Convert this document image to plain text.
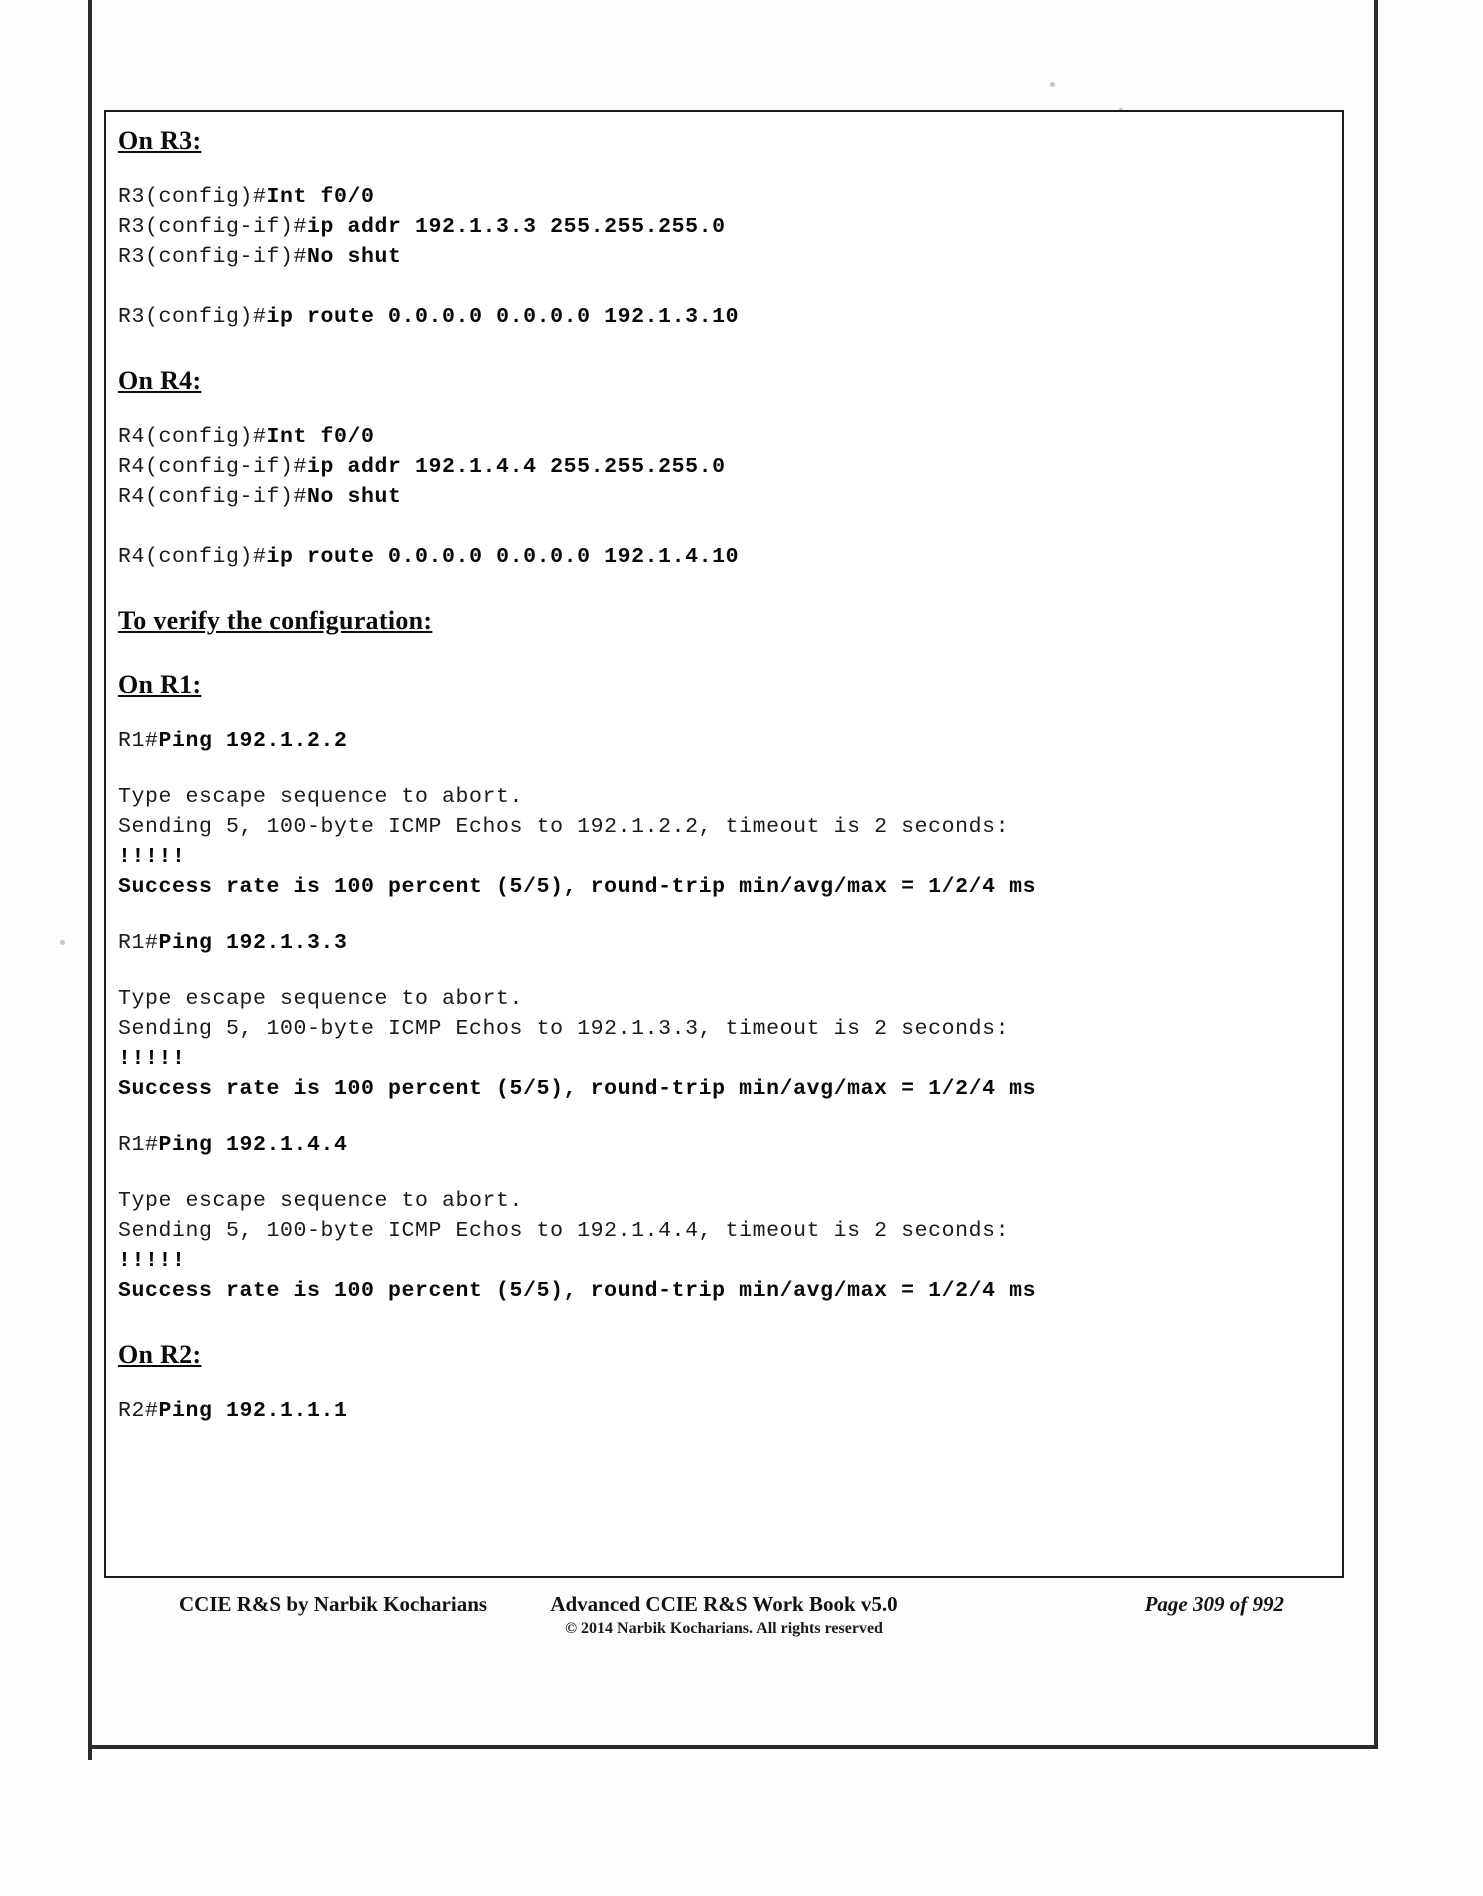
On R3:
R3(config)#Int f0/0
R3(config-if)#ip addr 192.1.3.3 255.255.255.0
R3(config-if)#No shut

R3(config)#ip route 0.0.0.0 0.0.0.0 192.1.3.10
On R4:
R4(config)#Int f0/0
R4(config-if)#ip addr 192.1.4.4 255.255.255.0
R4(config-if)#No shut

R4(config)#ip route 0.0.0.0 0.0.0.0 192.1.4.10
To verify the configuration:
On R1:
R1#Ping 192.1.2.2
Type escape sequence to abort.
Sending 5, 100-byte ICMP Echos to 192.1.2.2, timeout is 2 seconds:
!!!!!
Success rate is 100 percent (5/5), round-trip min/avg/max = 1/2/4 ms
R1#Ping 192.1.3.3
Type escape sequence to abort.
Sending 5, 100-byte ICMP Echos to 192.1.3.3, timeout is 2 seconds:
!!!!!
Success rate is 100 percent (5/5), round-trip min/avg/max = 1/2/4 ms
R1#Ping 192.1.4.4
Type escape sequence to abort.
Sending 5, 100-byte ICMP Echos to 192.1.4.4, timeout is 2 seconds:
!!!!!
Success rate is 100 percent (5/5), round-trip min/avg/max = 1/2/4 ms
On R2:
R2#Ping 192.1.1.1
CCIE R&S by Narbik Kocharians	Advanced CCIE R&S Work Book v5.0	Page 309 of 992
© 2014 Narbik Kocharians. All rights reserved
